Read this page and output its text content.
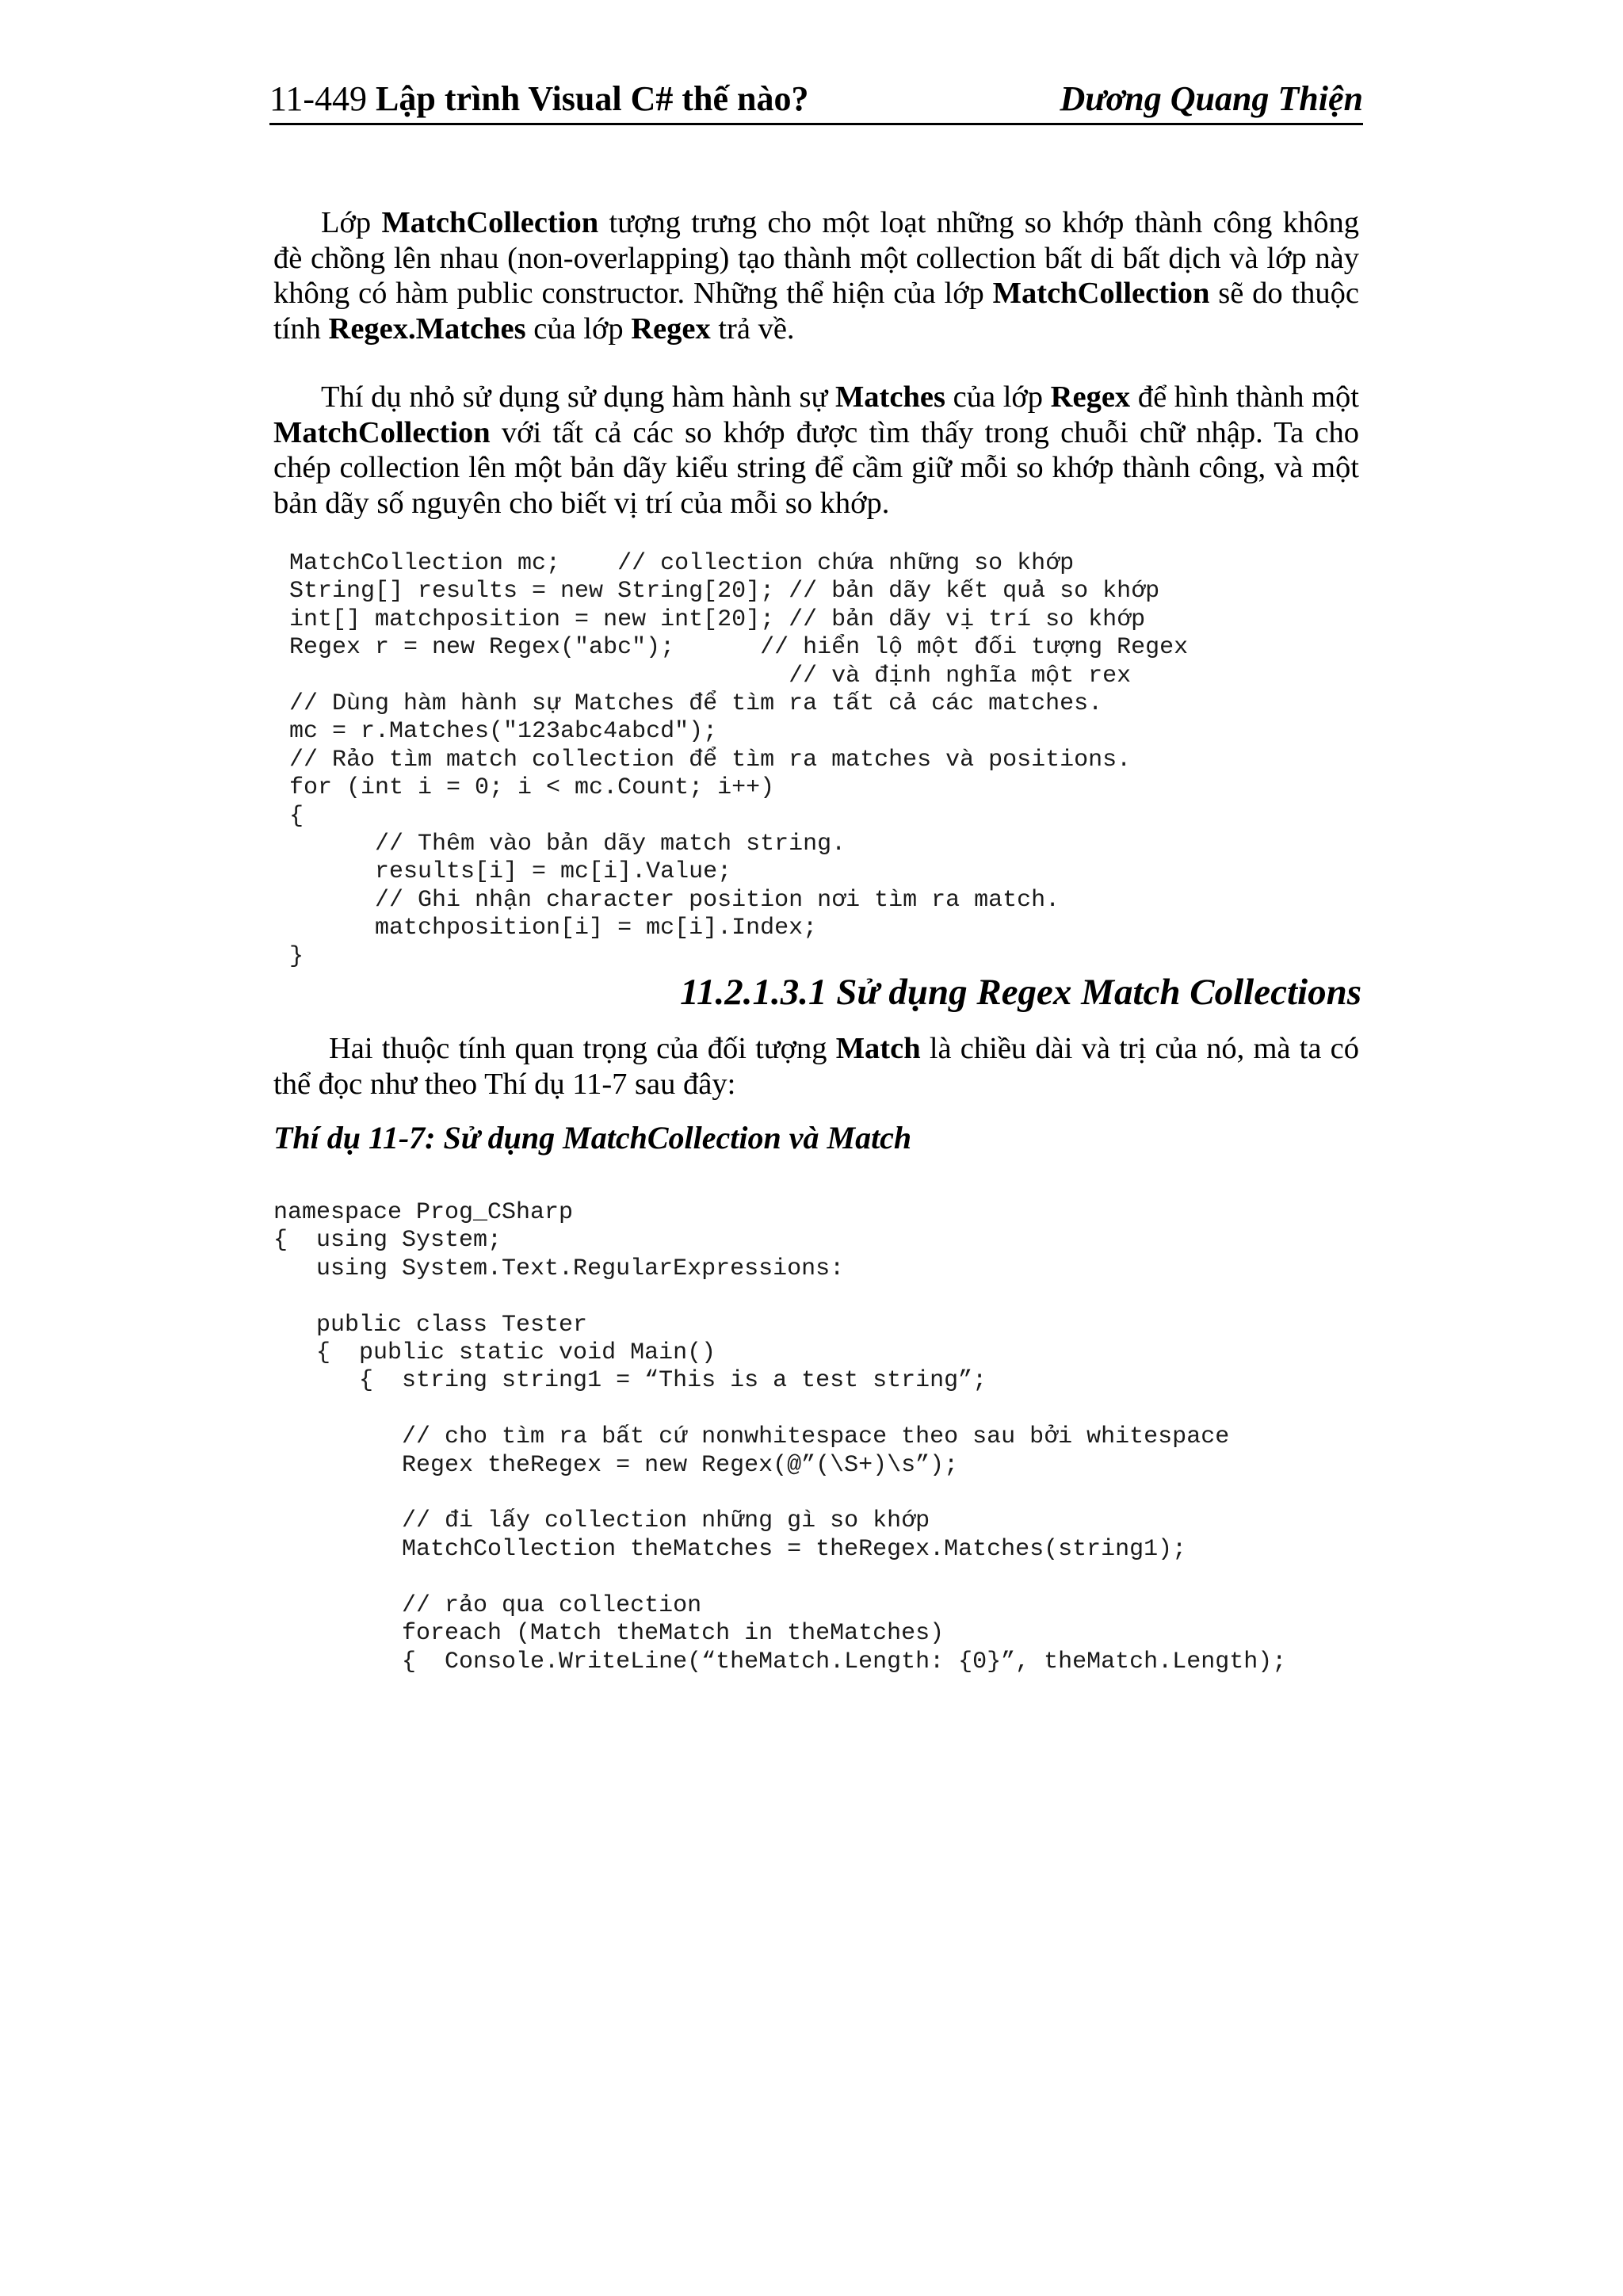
11-449 Lập trình Visual C# thế nào?	Dương Quang Thiện

Lớp MatchCollection tượng trưng cho một loạt những so khớp thành công không đè chồng lên nhau (non-overlapping) tạo thành một collection bất di bất dịch và lớp này không có hàm public constructor. Những thể hiện của lớp MatchCollection sẽ do thuộc tính Regex.Matches của lớp Regex trả về.

Thí dụ nhỏ sử dụng sử dụng hàm hành sự Matches của lớp Regex để hình thành một MatchCollection với tất cả các so khớp được tìm thấy trong chuỗi chữ nhập. Ta cho chép collection lên một bản dãy kiểu string để cầm giữ mỗi so khớp thành công, và một bản dãy số nguyên cho biết vị trí của mỗi so khớp.

MatchCollection mc;    // collection chứa những so khớp
String[] results = new String[20]; // bản dãy kết quả so khớp
int[] matchposition = new int[20]; // bản dãy vị trí so khớp
Regex r = new Regex("abc");      // hiển lộ một đối tượng Regex
// và định nghĩa một rex
// Dùng hàm hành sự Matches để tìm ra tất cả các matches.
mc = r.Matches("123abc4abcd");
// Rảo tìm match collection để tìm ra matches và positions.
for (int i = 0; i < mc.Count; i++)
{
// Thêm vào bản dãy match string.
results[i] = mc[i].Value;
// Ghi nhận character position nơi tìm ra match.
matchposition[i] = mc[i].Index;
}
11.2.1.3.1 Sử dụng Regex Match Collections

Hai thuộc tính quan trọng của đối tượng Match là chiều dài và trị của nó, mà ta có thể đọc như theo Thí dụ 11-7 sau đây:

Thí dụ 11-7: Sử dụng MatchCollection và Match
namespace Prog_CSharp
{  using System;
using System.Text.RegularExpressions:

public class Tester
{  public static void Main()
{  string string1 = “This is a test string”;

// cho tìm ra bất cứ nonwhitespace theo sau bởi whitespace
Regex theRegex = new Regex(@”(\S+)\s”);

// đi lấy collection những gì so khớp
MatchCollection theMatches = theRegex.Matches(string1);

// rảo qua collection
foreach (Match theMatch in theMatches)
{  Console.WriteLine(“theMatch.Length: {0}”, theMatch.Length);
